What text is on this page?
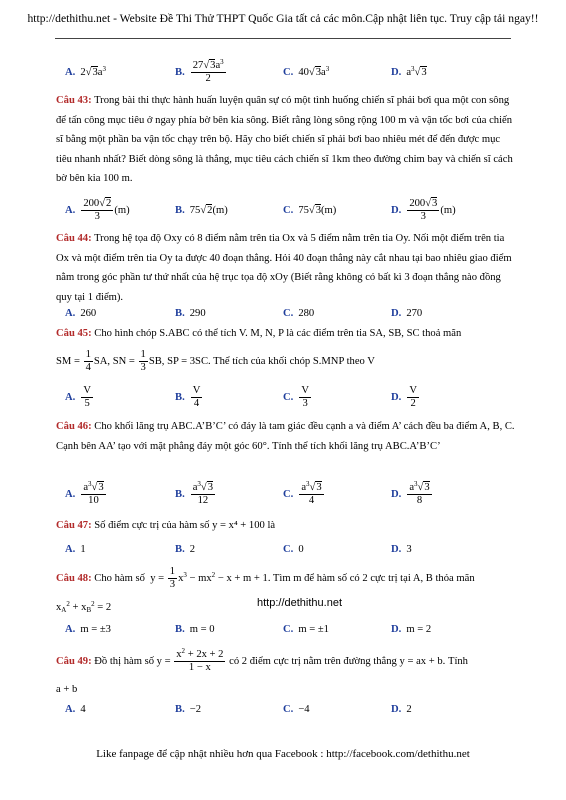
http://dethithu.net - Website Đề Thi Thử THPT Quốc Gia tất cả các môn.Cập nhật liên tục. Truy cập tải ngay!!
A. $2√3a^3$	B. $\frac{27√3a^3}{2}$	C. $40√3a^3$	D. $a^3√3$
Câu 43: Trong bài thi thực hành huấn luyện quân sự có một tình huống chiến sĩ phải bơi qua một con sông để tấn công mục tiêu ở ngay phía bờ bên kia sông. Biết rằng lòng sông rộng 100 m và vận tốc bơi của chiến sĩ bằng một phần ba vận tốc chạy trên bộ. Hãy cho biết chiến sĩ phải bơi bao nhiêu mét để đến được mục tiêu nhanh nhất? Biết dòng sông là thẳng, mục tiêu cách chiến sĩ 1km theo đường chim bay và chiến sĩ cách bờ bên kia 100 m.
A. $\frac{200√2}{3} (m)$	B. 75√2(m)	C. 75√3(m)	D. $\frac{200√3}{3} (m)$
Câu 44: Trong hệ tọa độ Oxy có 8 điểm nằm trên tia Ox và 5 điểm nằm trên tia Oy. Nối một điểm trên tia Ox và một điểm trên tia Oy ta được 40 đoạn thẳng. Hỏi 40 đoạn thẳng này cắt nhau tại bao nhiêu giao điểm nằm trong góc phần tư thứ nhất của hệ trục tọa độ xOy (Biết rằng không có bất kì 3 đoạn thẳng nào đồng quy tại 1 điểm).
A. 260	B. 290	C. 280	D. 270
Câu 45: Cho hình chóp S.ABC có thể tích V. M, N, P là các điểm trên tia SA, SB, SC thoả mãn
SM = $\frac{1}{4}$ SA, SN = $\frac{1}{3}$ SB, SP = 3SC . Thể tích của khối chóp S.MNP theo V
A. $\frac{V}{5}$	B. $\frac{V}{4}$	C. $\frac{V}{3}$	D. $\frac{V}{2}$
Câu 46: Cho khối lăng trụ ABC.A’B’C’ có đáy là tam giác đều cạnh a và điểm A’ cách đều ba điểm A, B, C. Cạnh bên AA’ tạo với mặt phẳng đáy một góc 60°. Tính thể tích khối lăng trụ ABC.A’B’C’
A. $\frac{a^3√3}{10}$	B. $\frac{a^3√3}{12}$	C. $\frac{a^3√3}{4}$	D. $\frac{a^3√3}{8}$
Câu 47: Số điểm cực trị của hàm số y = x⁴ + 100 là
A. 1	B. 2	C. 0	D. 3
Câu 48:
Cho hàm số
$y = \frac{1}{3} x^3 - mx^2 - x + m + 1$ . Tìm m để hàm số có 2 cực trị tại A, B thỏa mãn
$x_A^2 + x_B^2 = 2$	http://dethithu.net
A. m = ±3	B. m = 0	C. m = ±1	D. m = 2
Câu 49:
Đồ thị hàm số
$y = \frac{x^2 + 2x + 2}{1 - x}$
có 2 điểm cực trị nằm trên đường thẳng
y = ax + b.
Tính
a + b
A. 4	B. −2	C. −4	D. 2
Like fanpage để cập nhật nhiều hơn qua Facebook : http://facebook.com/dethithu.net
